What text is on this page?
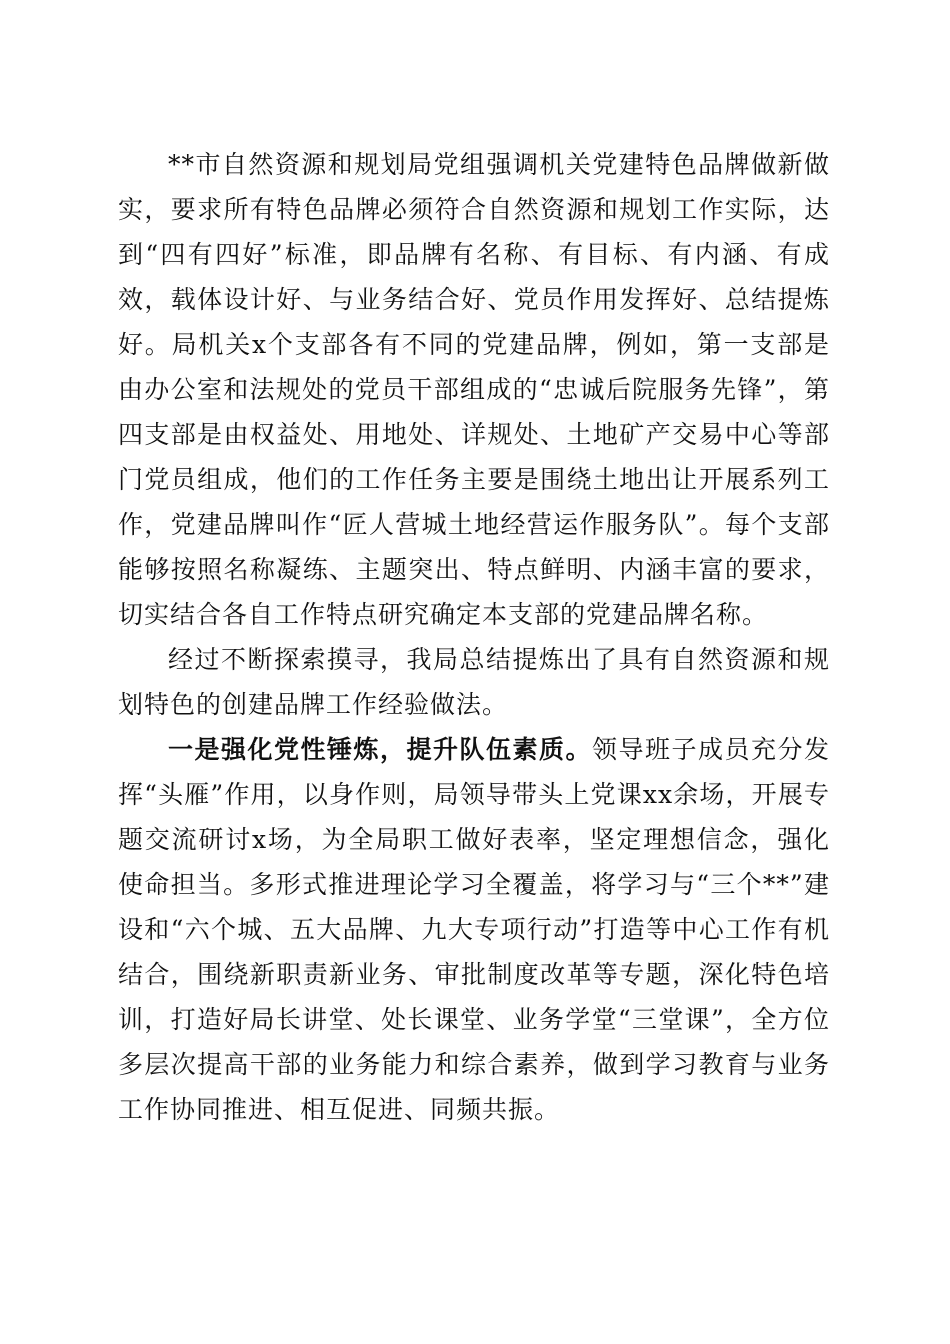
**市自然资源和规划局党组强调机关党建特色品牌做新做实，要求所有特色品牌必须符合自然资源和规划工作实际，达到“四有四好”标准，即品牌有名称、有目标、有内涵、有成效，载体设计好、与业务结合好、党员作用发挥好、总结提炼好。局机关x个支部各有不同的党建品牌，例如，第一支部是由办公室和法规处的党员干部组成的“忠诚后院服务先锋”，第四支部是由权益处、用地处、详规处、土地矿产交易中心等部门党员组成，他们的工作任务主要是围绕土地出让开展系列工作，党建品牌叫作“匠人营城土地经营运作服务队”。每个支部能够按照名称凝练、主题突出、特点鲜明、内涵丰富的要求，切实结合各自工作特点研究确定本支部的党建品牌名称。

经过不断探索摸寻，我局总结提炼出了具有自然资源和规划特色的创建品牌工作经验做法。

一是强化党性锤炼，提升队伍素质。领导班子成员充分发挥“头雁”作用，以身作则，局领导带头上党课xx余场，开展专题交流研讨x场，为全局职工做好表率，坚定理想信念，强化使命担当。多形式推进理论学习全覆盖，将学习与“三个**”建设和“六个城、五大品牌、九大专项行动”打造等中心工作有机结合，围绕新职责新业务、审批制度改革等专题，深化特色培训，打造好局长讲堂、处长课堂、业务学堂“三堂课”，全方位多层次提高干部的业务能力和综合素养，做到学习教育与业务工作协同推进、相互促进、同频共振。
